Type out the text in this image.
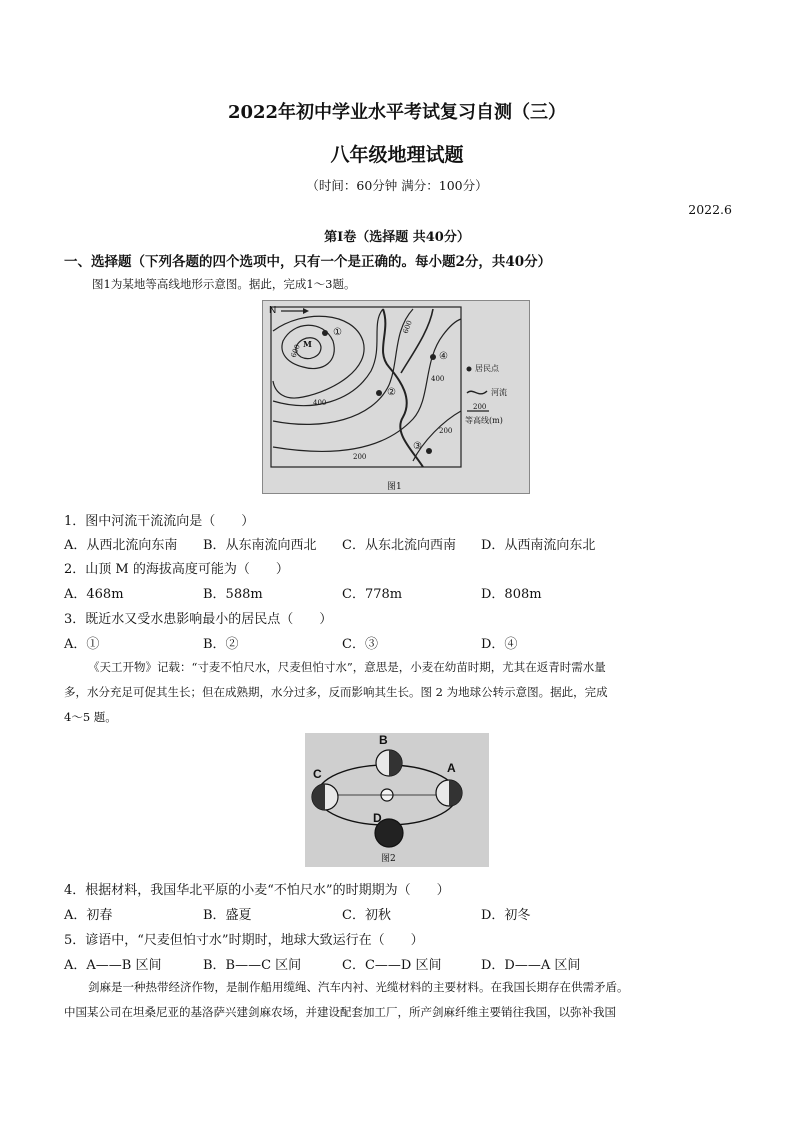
2022年初中学业水平考试复习自测（三）
八年级地理试题
（时间：60分钟 满分：100分）
2022.6
第Ⅰ卷（选择题 共40分）
一、选择题（下列各题的四个选项中，只有一个是正确的。每小题2分，共40分）
图1为某地等高线地形示意图。据此，完成1～3题。
N
M
600
400
200
600
400
200
①
②
③
④
居民点
河流
200
等高线(m)
图1
1．图中河流干流流向是（　　）
A．从西北流向东南	B．从东南流向西北	C．从东北流向西南	D．从西南流向东北
2．山顶 M 的海拔高度可能为（　　）
A．468m	B．588m	C．778m	D．808m
3．既近水又受水患影响最小的居民点（　　）
A．①	B．②	C．③	D．④
《天工开物》记载：“寸麦不怕尺水，尺麦但怕寸水”，意思是，小麦在幼苗时期，尤其在返青时需水量
多，水分充足可促其生长；但在成熟期，水分过多，反而影响其生长。图 2 为地球公转示意图。据此，完成
4～5 题。
B
C	A
D
图2
4．根据材料，我国华北平原的小麦“不怕尺水”的时期期为（　　）
A．初春	B．盛夏	C．初秋	D．初冬
5．谚语中，“尺麦但怕寸水”时期时，地球大致运行在（　　）
A．A——B 区间	B．B——C 区间	C．C——D 区间	D．D——A 区间
剑麻是一种热带经济作物，是制作船用缆绳、汽车内衬、光缆材料的主要材料。在我国长期存在供需矛盾。
中国某公司在坦桑尼亚的基洛萨兴建剑麻农场，并建设配套加工厂，所产剑麻纤维主要销往我国，以弥补我国
